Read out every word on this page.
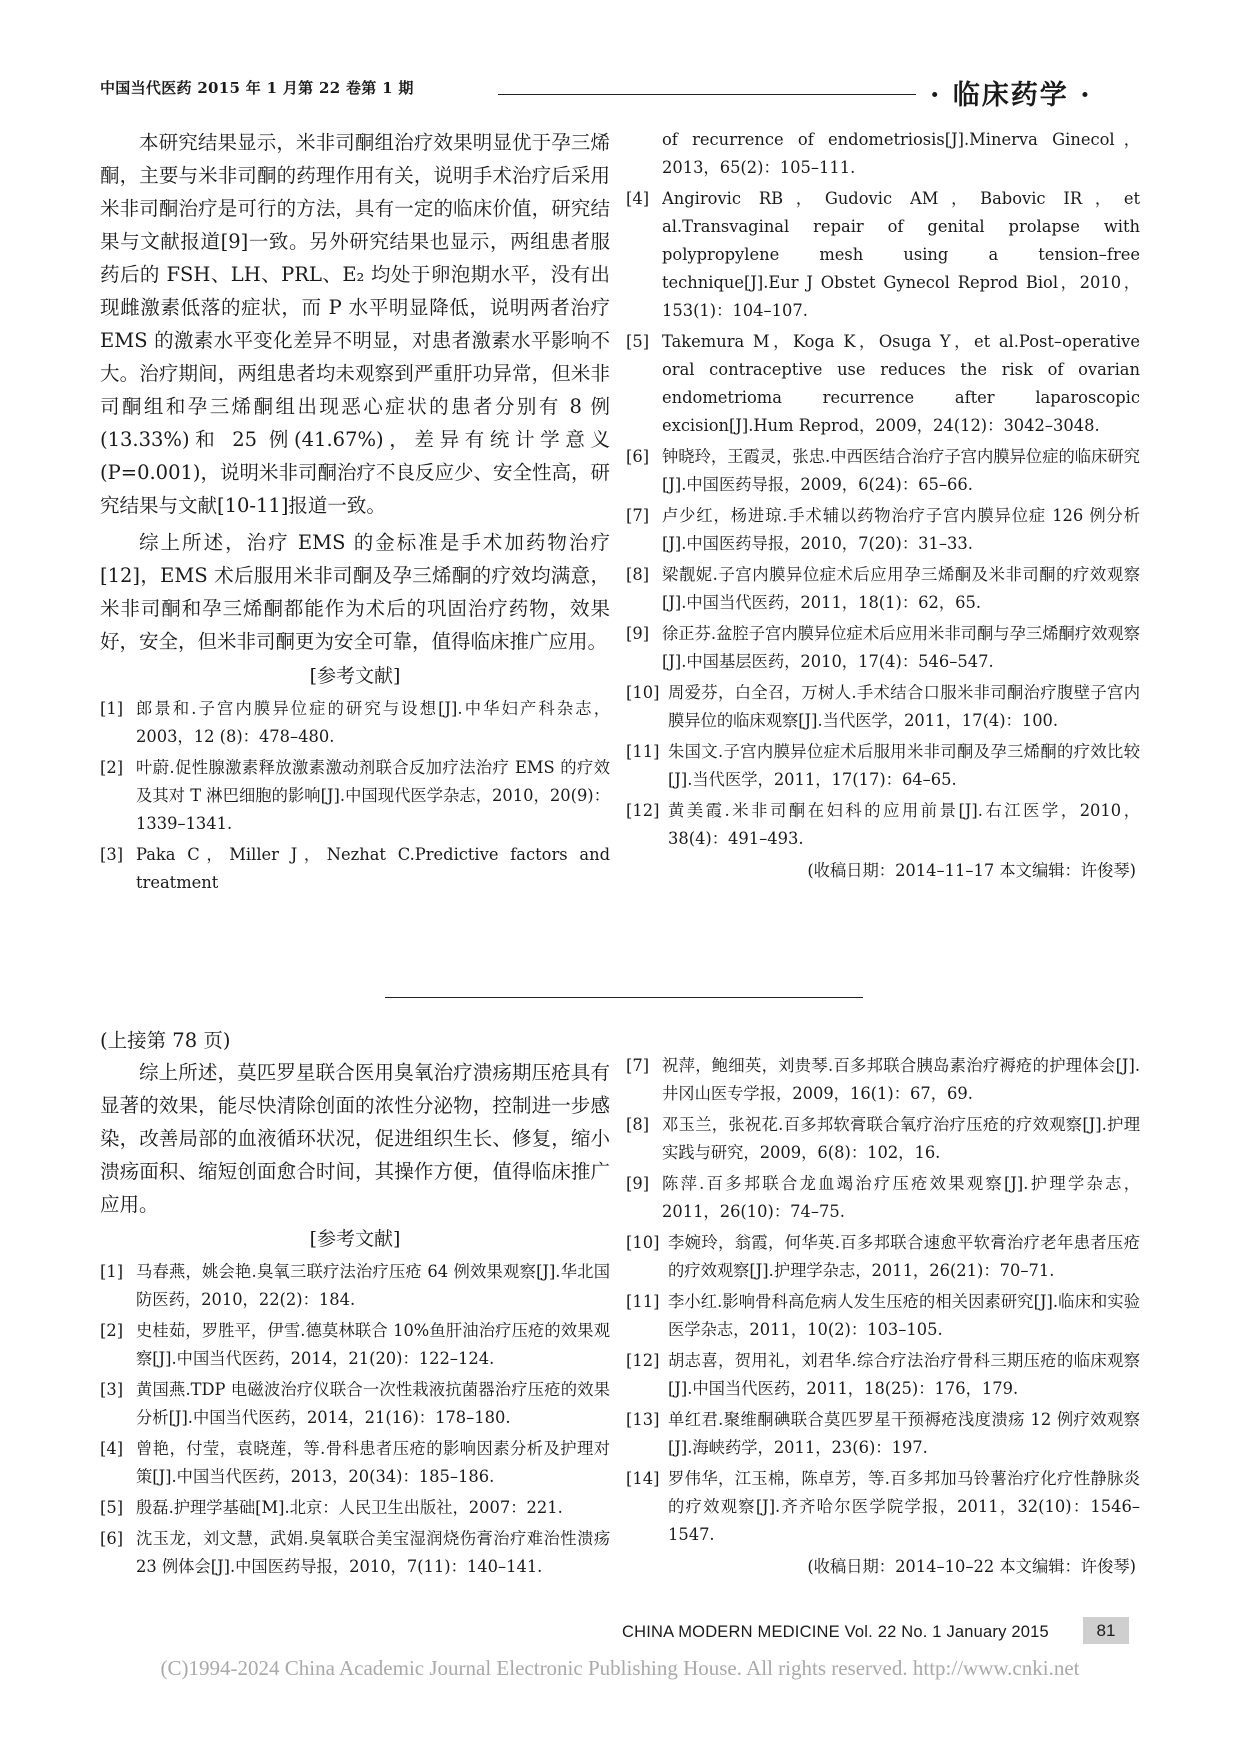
中国当代医药 2015 年 1 月第 22 卷第 1 期	· 临床药学 ·

本研究结果显示，米非司酮组治疗效果明显优于孕三烯酮，主要与米非司酮的药理作用有关，说明手术治疗后采用米非司酮治疗是可行的方法，具有一定的临床价值，研究结果与文献报道[9]一致。另外研究结果也显示，两组患者服药后的 FSH、LH、PRL、E₂ 均处于卵泡期水平，没有出现雌激素低落的症状，而 P 水平明显降低，说明两者治疗 EMS 的激素水平变化差异不明显，对患者激素水平影响不大。治疗期间，两组患者均未观察到严重肝功异常，但米非司酮组和孕三烯酮组出现恶心症状的患者分别有 8 例(13.33%)和 25 例(41.67%)，差异有统计学意义(P=0.001)，说明米非司酮治疗不良反应少、安全性高，研究结果与文献[10-11]报道一致。

综上所述，治疗 EMS 的金标准是手术加药物治疗[12]，EMS 术后服用米非司酮及孕三烯酮的疗效均满意，米非司酮和孕三烯酮都能作为术后的巩固治疗药物，效果好，安全，但米非司酮更为安全可靠，值得临床推广应用。

[参考文献]
[1] 郎景和.子宫内膜异位症的研究与设想[J].中华妇产科杂志，2003，12 (8)：478–480.
[2] 叶蔚.促性腺激素释放激素激动剂联合反加疗法治疗 EMS 的疗效及其对 T 淋巴细胞的影响[J].中国现代医学杂志，2010，20(9)：1339–1341.
[3] Paka C，Miller J，Nezhat C.Predictive factors and treatment
of recurrence of endometriosis[J].Minerva Ginecol，2013，65(2)：105–111.
[4] Angirovic RB，Gudovic AM，Babovic IR，et al.Transvaginal repair of genital prolapse with polypropylene mesh using a tension–free technique[J].Eur J Obstet Gynecol Reprod Biol，2010，153(1)：104–107.
[5] Takemura M，Koga K，Osuga Y，et al.Post–operative oral contraceptive use reduces the risk of ovarian endometrioma recurrence after laparoscopic excision[J].Hum Reprod，2009，24(12)：3042–3048.
[6] 钟晓玲，王霞灵，张忠.中西医结合治疗子宫内膜异位症的临床研究[J].中国医药导报，2009，6(24)：65–66.
[7] 卢少红，杨进琼.手术辅以药物治疗子宫内膜异位症 126 例分析[J].中国医药导报，2010，7(20)：31–33.
[8] 梁靓妮.子宫内膜异位症术后应用孕三烯酮及米非司酮的疗效观察[J].中国当代医药，2011，18(1)：62，65.
[9] 徐正芬.盆腔子宫内膜异位症术后应用米非司酮与孕三烯酮疗效观察[J].中国基层医药，2010，17(4)：546–547.
[10] 周爱芬，白全召，万树人.手术结合口服米非司酮治疗腹壁子宫内膜异位的临床观察[J].当代医学，2011，17(4)：100.
[11] 朱国文.子宫内膜异位症术后服用米非司酮及孕三烯酮的疗效比较[J].当代医学，2011，17(17)：64–65.
[12] 黄美霞.米非司酮在妇科的应用前景[J].右江医学，2010，38(4)：491–493.
(收稿日期：2014–11–17 本文编辑：许俊琴)

(上接第 78 页)

综上所述，莫匹罗星联合医用臭氧治疗溃疡期压疮具有显著的效果，能尽快清除创面的浓性分泌物，控制进一步感染，改善局部的血液循环状况，促进组织生长、修复，缩小溃疡面积、缩短创面愈合时间，其操作方便，值得临床推广应用。

[参考文献]
[1] 马春燕，姚会艳.臭氧三联疗法治疗压疮 64 例效果观察[J].华北国防医药，2010，22(2)：184.
[2] 史桂茹，罗胜平，伊雪.德莫林联合 10%鱼肝油治疗压疮的效果观察[J].中国当代医药，2014，21(20)：122–124.
[3] 黄国燕.TDP 电磁波治疗仪联合一次性栽液抗菌器治疗压疮的效果分析[J].中国当代医药，2014，21(16)：178–180.
[4] 曾艳，付莹，袁晓莲，等.骨科患者压疮的影响因素分析及护理对策[J].中国当代医药，2013，20(34)：185–186.
[5] 殷磊.护理学基础[M].北京：人民卫生出版社，2007：221.
[6] 沈玉龙，刘文慧，武娟.臭氧联合美宝湿润烧伤膏治疗难治性溃疡 23 例体会[J].中国医药导报，2010，7(11)：140–141.
[7] 祝萍，鲍细英，刘贵琴.百多邦联合胰岛素治疗褥疮的护理体会[J].井冈山医专学报，2009，16(1)：67，69.
[8] 邓玉兰，张祝花.百多邦软膏联合氧疗治疗压疮的疗效观察[J].护理实践与研究，2009，6(8)：102，16.
[9] 陈萍.百多邦联合龙血竭治疗压疮效果观察[J].护理学杂志，2011，26(10)：74–75.
[10] 李婉玲，翁霞，何华英.百多邦联合速愈平软膏治疗老年患者压疮的疗效观察[J].护理学杂志，2011，26(21)：70–71.
[11] 李小红.影响骨科高危病人发生压疮的相关因素研究[J].临床和实验医学杂志，2011，10(2)：103–105.
[12] 胡志喜，贺用礼，刘君华.综合疗法治疗骨科三期压疮的临床观察[J].中国当代医药，2011，18(25)：176，179.
[13] 单红君.聚维酮碘联合莫匹罗星干预褥疮浅度溃疡 12 例疗效观察[J].海峡药学，2011，23(6)：197.
[14] 罗伟华，江玉棉，陈卓芳，等.百多邦加马铃薯治疗化疗性静脉炎的疗效观察[J].齐齐哈尔医学院学报，2011，32(10)：1546–1547.
(收稿日期：2014–10–22 本文编辑：许俊琴)
CHINA MODERN MEDICINE Vol. 22 No. 1 January 2015	81
(C)1994-2024 China Academic Journal Electronic Publishing House. All rights reserved. http://www.cnki.net
